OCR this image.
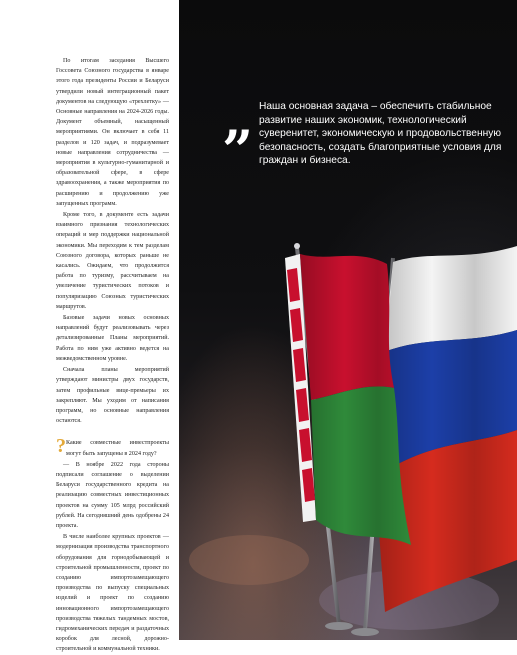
По итогам заседания Высшего Госсовета Союзного государства в январе этого года президенты России и Беларуси утвердили новый интеграционный пакет документов на следующую «трехлетку» — Основные направления на 2024-2026 годы. Документ объемный, насыщенный мероприятиями. Он включает в себя 11 разделов и 120 задач, и подразумевает новые направления сотрудничества — мероприятия в культурно-гуманитарной и образовательной сфере, в сфере здравоохранения, а также мероприятия по расширению и продолжению уже запущенных программ.

Кроме того, в документе есть задачи взаимного признания технологических операций и мер поддержки национальной экономики. Мы переходим к тем разделам Союзного договора, которых раньше не касались. Ожидаем, что продолжится работа по туризму, рассчитываем на увеличение туристических потоков и популяризацию Союзных туристических маршрутов.

Базовые задачи новых основных направлений будут реализовывать через детализированные Планы мероприятий. Работа по ним уже активно ведется на межведомственном уровне.

Сначала планы мероприятий утверждают министры двух государств, затем профильные вице-премьеры их закрепляют. Мы уходим от написания программ, но основные направления остаются.

? Какие совместные инвестпроекты могут быть запущены в 2024 году?

— В ноябре 2022 года стороны подписали соглашение о выделении Беларуси государственного кредита на реализацию совместных инвестиционных проектов на сумму 105 млрд российский рублей. На сегодняшний день одобрены 24 проекта.

В числе наиболее крупных проектов — модернизация производства транспортного оборудования для горнодобывающей и строительной промышленности, проект по созданию импортозамещающего производства по выпуску специальных изделий и проект по созданию инновационного импортозамещающего производства тяжелых тандемных мостов, гидромеханических передач и раздаточных коробок для лесной, дорожно-строительной и коммунальной техники.

„ Наша основная задача – обеспечить стабильное развитие наших экономик, технологический суверенитет, экономическую и продовольственную безопасность, создать благоприятные условия для граждан и бизнеса.
